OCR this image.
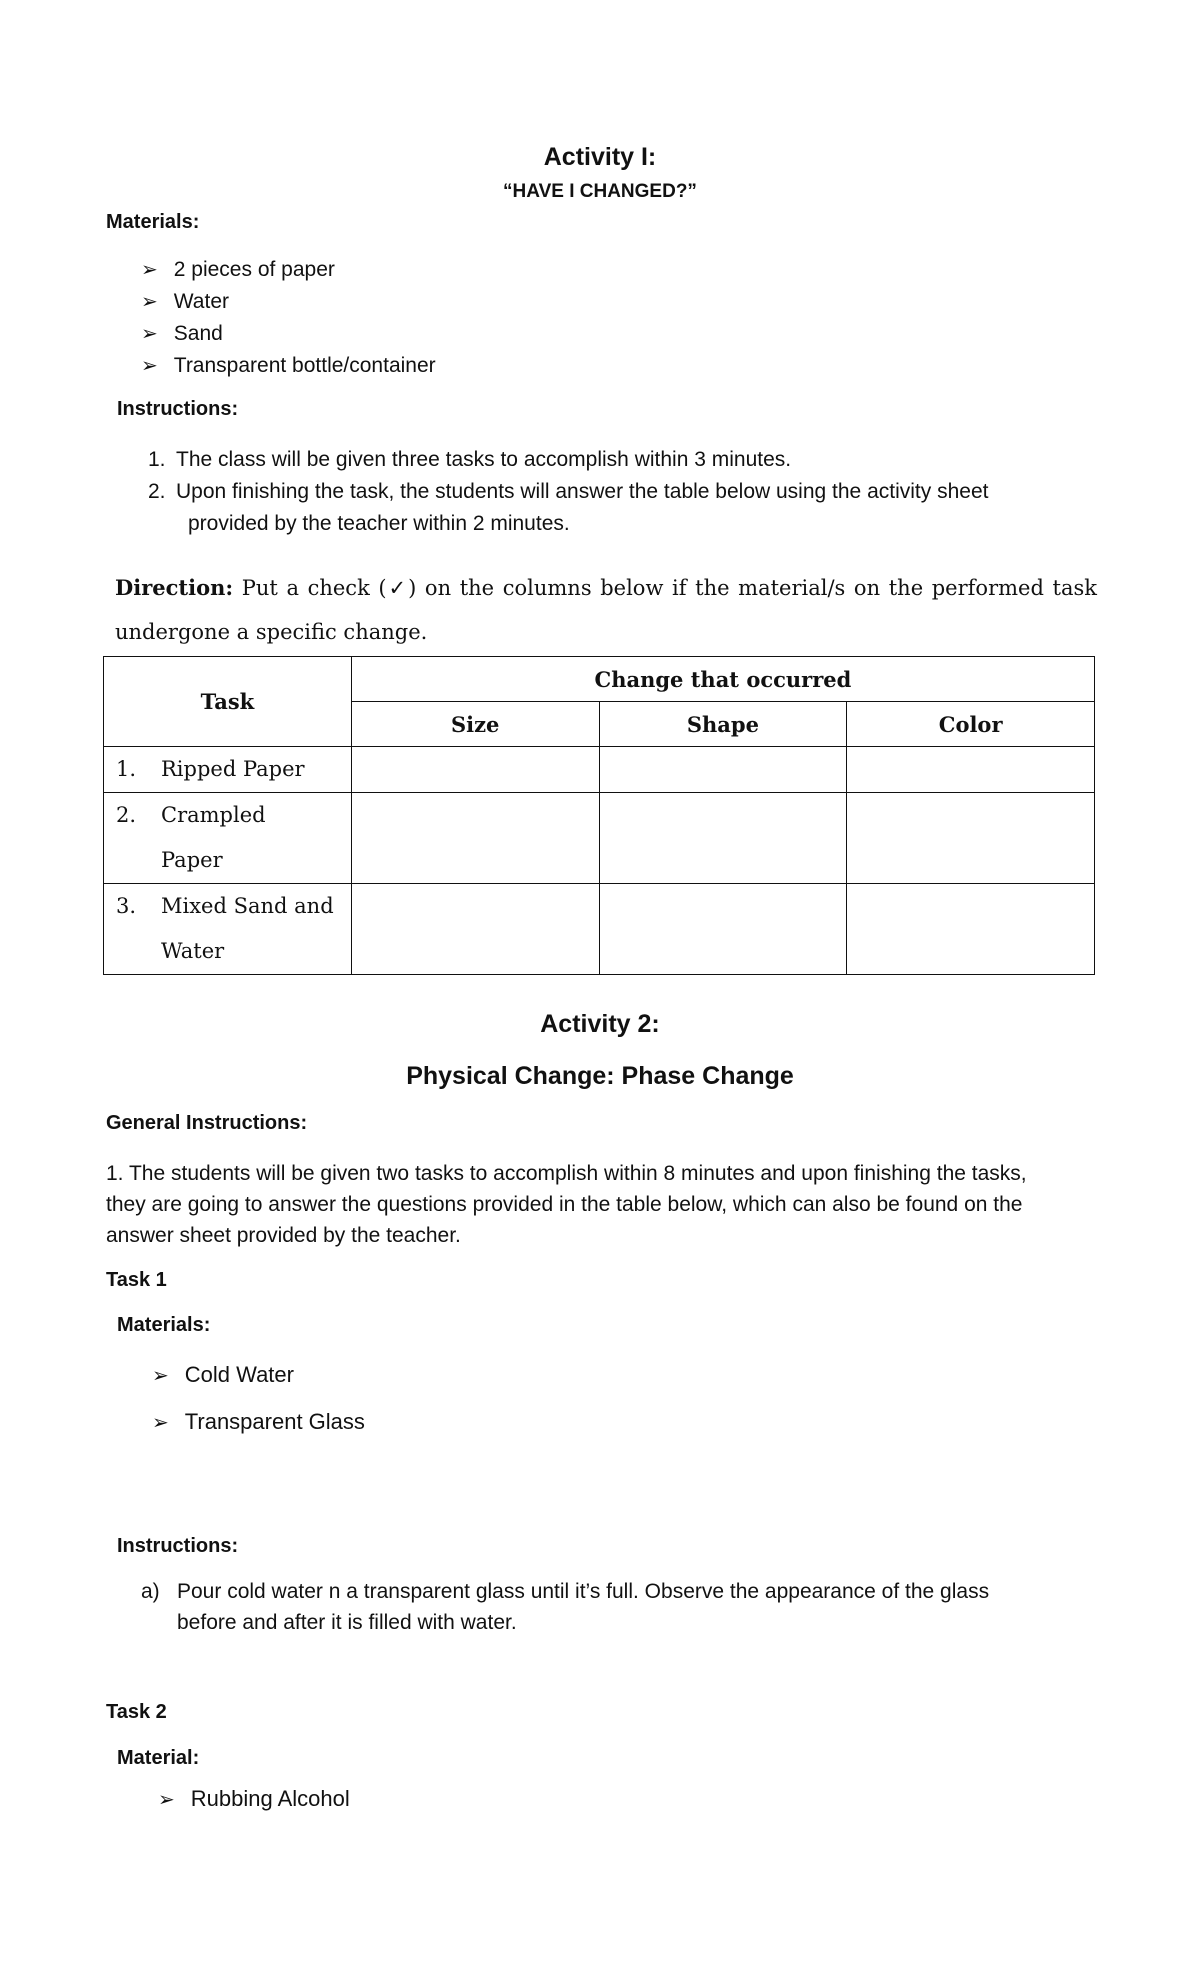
Activity I:
“HAVE I CHANGED?”
Materials:
➢ 2 pieces of paper
➢ Water
➢ Sand
➢ Transparent bottle/container
Instructions:
1. The class will be given three tasks to accomplish within 3 minutes.
2. Upon finishing the task, the students will answer the table below using the activity sheet
provided by the teacher within 2 minutes.
Direction: Put a check (✓) on the columns below if the material/s on the performed task
undergone a specific change.
Task	Change that occurred		
	Size	Shape	Color

1. Ripped Paper			

2. Crampled
Paper			

3. Mixed Sand and
Water			

Activity 2:
Physical Change: Phase Change
General Instructions:
1. The students will be given two tasks to accomplish within 8 minutes and upon finishing the tasks,
they are going to answer the questions provided in the table below, which can also be found on the
answer sheet provided by the teacher.
Task 1
Materials:
➢ Cold Water
➢ Transparent Glass
Instructions:
a) Pour cold water n a transparent glass until it’s full. Observe the appearance of the glass
before and after it is filled with water.
Task 2
Material:
➢ Rubbing Alcohol
